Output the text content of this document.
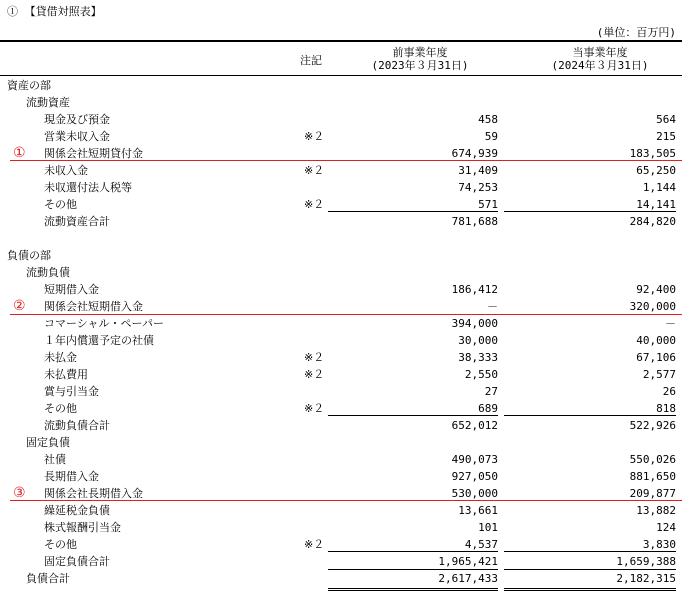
① 【貸借対照表】
(単位：百万円)
注記
前事業年度
(2023年３月31日)
当事業年度
(2024年３月31日)
資産の部
流動資産
現金及び預金	458	564
営業未収入金	※２	59	215
関係会社短期貸付金	674,939	183,505
未収入金	※２	31,409	65,250
未収還付法人税等	74,253	1,144
その他	※２	571	14,141
流動資産合計	781,688	284,820
負債の部
流動負債
短期借入金	186,412	92,400
関係会社短期借入金	－	320,000
コマーシャル・ペーパー	394,000	－
１年内償還予定の社債	30,000	40,000
未払金	※２	38,333	67,106
未払費用	※２	2,550	2,577
賞与引当金	27	26
その他	※２	689	818
流動負債合計	652,012	522,926
固定負債
社債	490,073	550,026
長期借入金	927,050	881,650
関係会社長期借入金	530,000	209,877
繰延税金負債	13,661	13,882
株式報酬引当金	101	124
その他	※２	4,537	3,830
固定負債合計	1,965,421	1,659,388
負債合計	2,617,433	2,182,315
①
②
③
